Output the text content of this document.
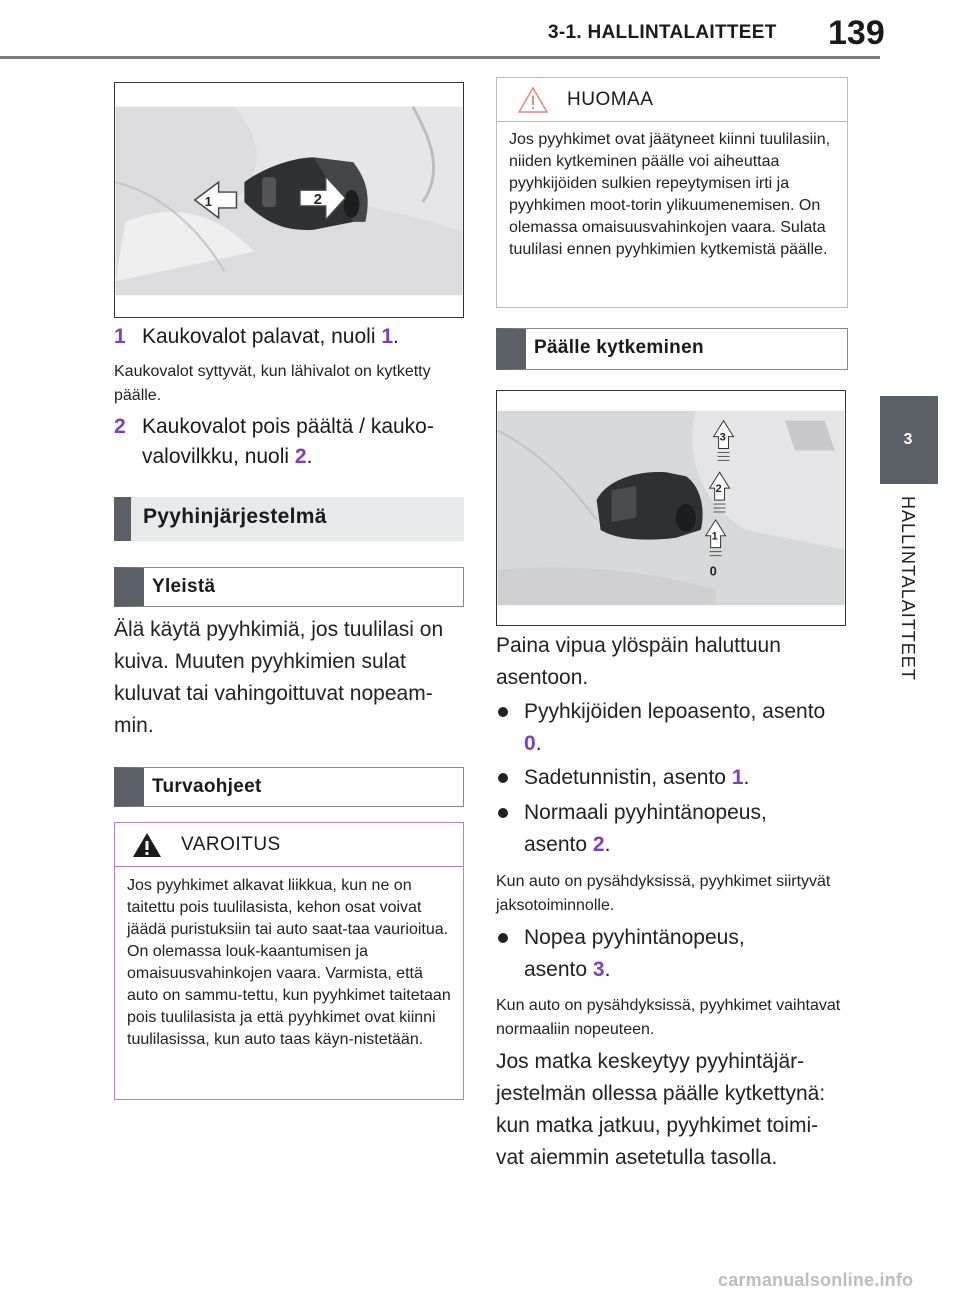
3-1. HALLINTALAITTEET 139
3
HALLINTALAITTEET
1	2
1 Kaukovalot palavat, nuoli 1.
Kaukovalot syttyvät, kun lähivalot on kytketty päälle.
2 Kaukovalot pois päältä / kauko-valovilkku, nuoli 2.
Pyyhinjärjestelmä
Yleistä
Älä käytä pyyhkimiä, jos tuulilasi on kuiva. Muuten pyyhkimien sulat kuluvat tai vahingoittuvat nopeam-min.
Turvaohjeet
VAROITUS
Jos pyyhkimet alkavat liikkua, kun ne on taitettu pois tuulilasista, kehon osat voivat jäädä puristuksiin tai auto saat-taa vaurioitua. On olemassa louk-kaantumisen ja omaisuusvahinkojen vaara. Varmista, että auto on sammu-tettu, kun pyyhkimet taitetaan pois tuulilasista ja että pyyhkimet ovat kiinni tuulilasissa, kun auto taas käyn-nistetään.
HUOMAA
Jos pyyhkimet ovat jäätyneet kiinni tuulilasiin, niiden kytkeminen päälle voi aiheuttaa pyyhkijöiden sulkien repeytymisen irti ja pyyhkimen moot-torin ylikuumenemisen. On olemassa omaisuusvahinkojen vaara. Sulata tuulilasi ennen pyyhkimien kytkemistä päälle.
Päälle kytkeminen
3
2
1
0
Paina vipua ylöspäin haluttuun asentoon.
Pyyhkijöiden lepoasento, asento 0.
Sadetunnistin, asento 1.
Normaali pyyhintänopeus, asento 2.
Kun auto on pysähdyksissä, pyyhkimet siirtyvät jaksotoiminnolle.
Nopea pyyhintänopeus, asento 3.
Kun auto on pysähdyksissä, pyyhkimet vaihtavat normaaliin nopeuteen.
Jos matka keskeytyy pyyhintäjär-jestelmän ollessa päälle kytkettynä: kun matka jatkuu, pyyhkimet toimi-vat aiemmin asetetulla tasolla.
carmanualsonline.info
